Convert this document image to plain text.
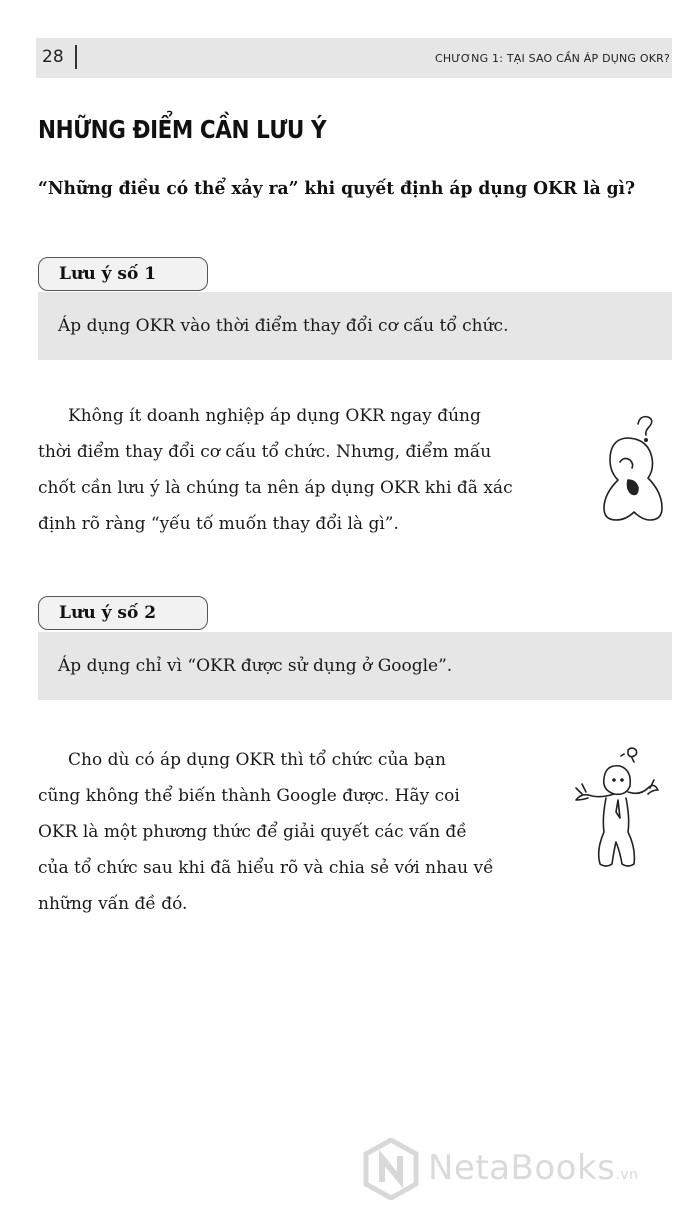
28	CHƯƠNG 1: TẠI SAO CẦN ÁP DỤNG OKR?
NHỮNG ĐIỂM CẦN LƯU Ý
“Những điều có thể xảy ra” khi quyết định áp dụng OKR là gì?
Lưu ý số 1
Áp dụng OKR vào thời điểm thay đổi cơ cấu tổ chức.
Không ít doanh nghiệp áp dụng OKR ngay đúng
thời điểm thay đổi cơ cấu tổ chức. Nhưng, điểm mấu
chốt cần lưu ý là chúng ta nên áp dụng OKR khi đã xác
định rõ ràng “yếu tố muốn thay đổi là gì”.
Lưu ý số 2
Áp dụng chỉ vì “OKR được sử dụng ở Google”.
Cho dù có áp dụng OKR thì tổ chức của bạn
cũng không thể biến thành Google được. Hãy coi
OKR là một phương thức để giải quyết các vấn đề
của tổ chức sau khi đã hiểu rõ và chia sẻ với nhau về
những vấn đề đó.
NetaBooks.vn
